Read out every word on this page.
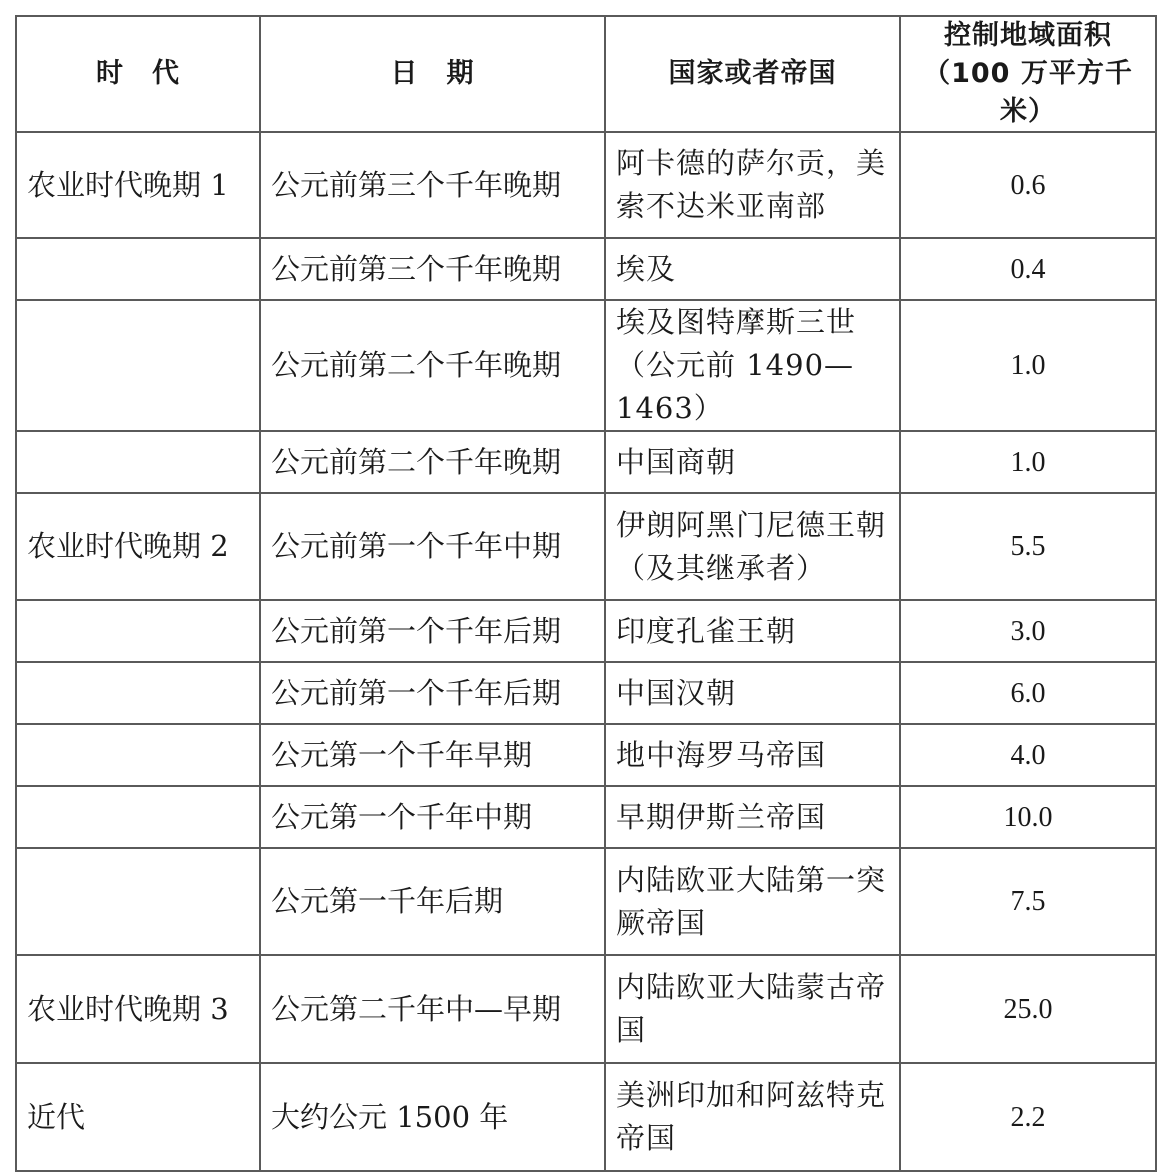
时　代	日　期	国家或者帝国	控制地域面积
（100 万平方千米）

农业时代晚期 1	公元前第三个千年晚期	阿卡德的萨尔贡，美索不达米亚南部	0.6
	公元前第三个千年晚期	埃及	0.4
	公元前第二个千年晚期	埃及图特摩斯三世（公元前 1490—1463）	1.0
	公元前第二个千年晚期	中国商朝	1.0
农业时代晚期 2	公元前第一个千年中期	伊朗阿黑门尼德王朝（及其继承者）	5.5
	公元前第一个千年后期	印度孔雀王朝	3.0
	公元前第一个千年后期	中国汉朝	6.0
	公元第一个千年早期	地中海罗马帝国	4.0
	公元第一个千年中期	早期伊斯兰帝国	10.0
	公元第一千年后期	内陆欧亚大陆第一突厥帝国	7.5
农业时代晚期 3	公元第二千年中—早期	内陆欧亚大陆蒙古帝国	25.0
近代	大约公元 1500 年	美洲印加和阿兹特克帝国	2.2
